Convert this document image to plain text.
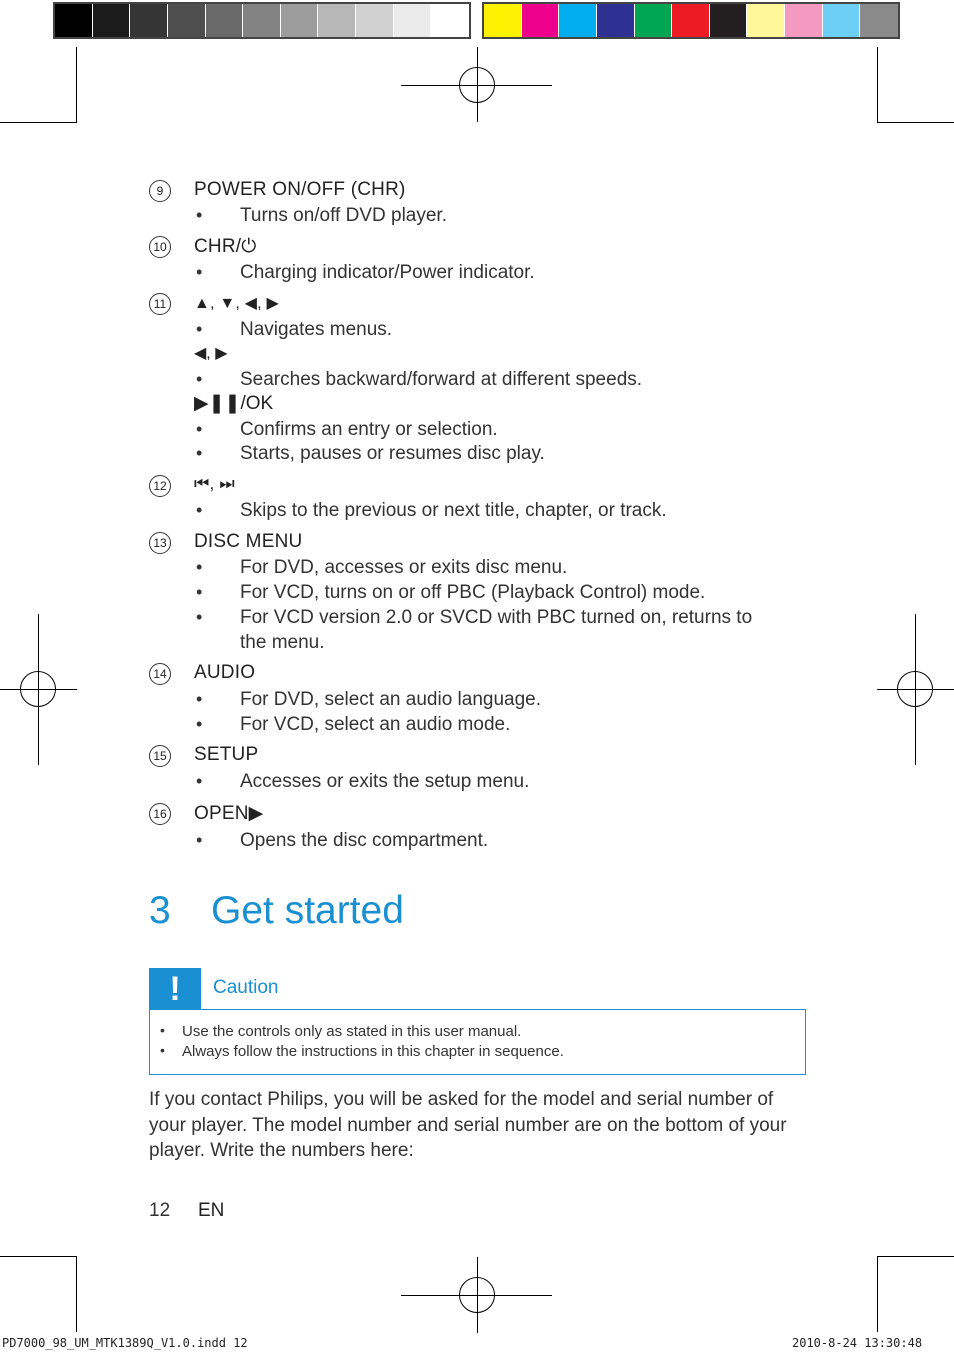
9	POWER ON/OFF (CHR)
• Turns on/off DVD player.
10 CHR/⏻
• Charging indicator/Power indicator.
11 ▲, ▼, ◀, ▶
• Navigates menus.
◀, ▶
• Searches backward/forward at different speeds.
▶❚❚/OK
• Confirms an entry or selection.
• Starts, pauses or resumes disc play.
12 ⏮, ⏭
• Skips to the previous or next title, chapter, or track.
13 DISC MENU
• For DVD, accesses or exits disc menu.
• For VCD, turns on or off PBC (Playback Control) mode.
• For VCD version 2.0 or SVCD with PBC turned on, returns to
the menu.
14 AUDIO
• For DVD, select an audio language.
• For VCD, select an audio mode.
15 SETUP
• Accesses or exits the setup menu.
16 OPEN▶
• Opens the disc compartment.
3 Get started
!	Caution
• Use the controls only as stated in this user manual.
• Always follow the instructions in this chapter in sequence.
If you contact Philips, you will be asked for the model and serial number of your player. The model number and serial number are on the bottom of your player. Write the numbers here:
12 EN
PD7000_98_UM_MTK1389Q_V1.0.indd 12	2010-8-24 13:30:48
